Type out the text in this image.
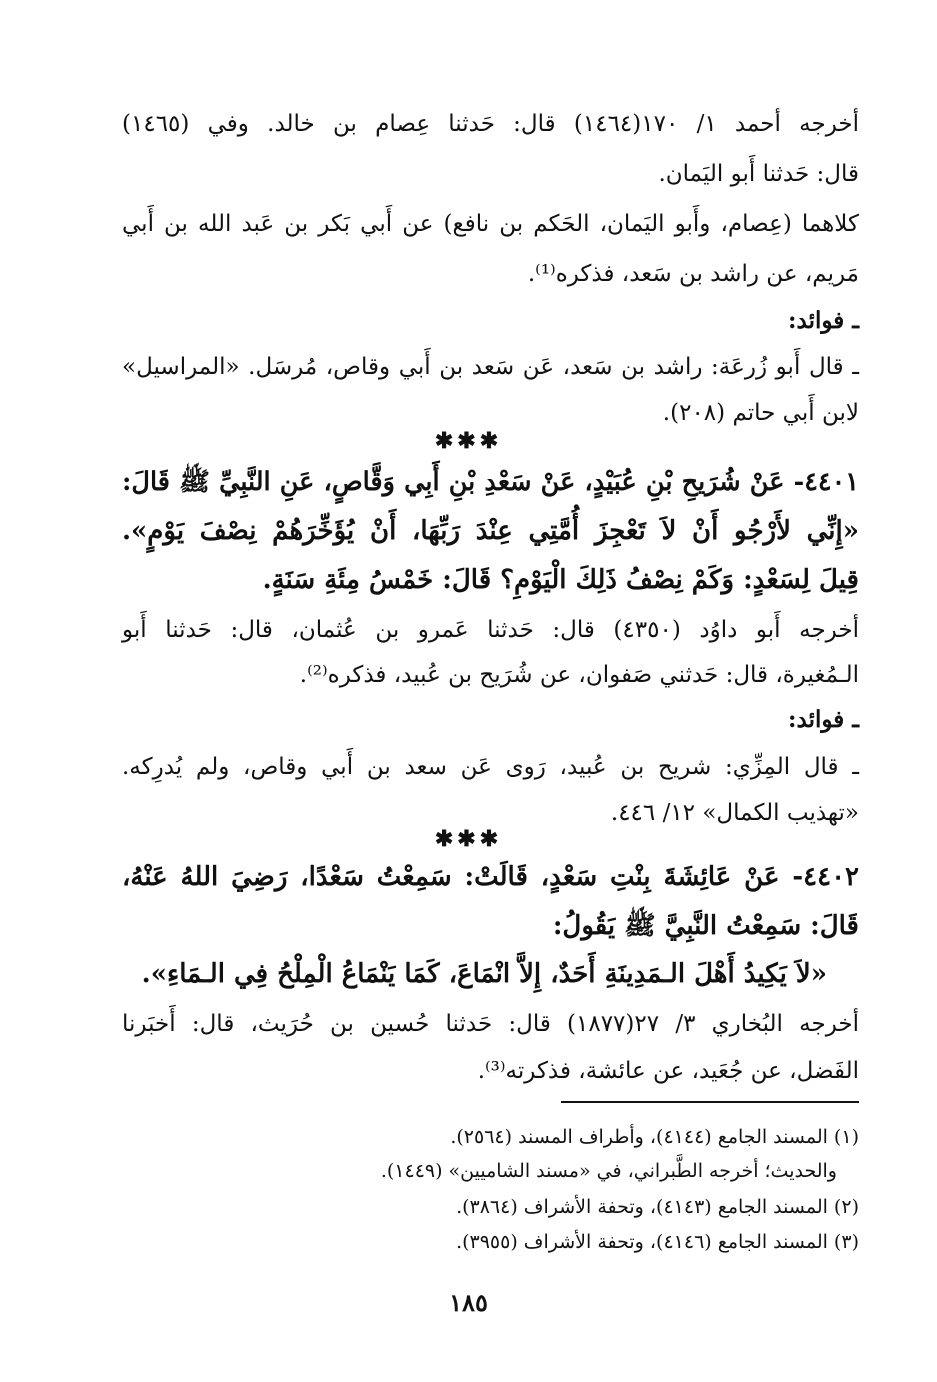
أخرجه أحمد ١/ ١٧٠(١٤٦٤) قال: حَدثنا عِصام بن خالد. وفي (١٤٦٥)
قال: حَدثنا أَبو اليَمان.
كلاهما (عِصام، وأَبو اليَمان، الحَكم بن نافع) عن أَبي بَكر بن عَبد الله بن أَبي
مَريم، عن راشد بن سَعد، فذكره⁽¹⁾.
ـ فوائد:
ـ قال أَبو زُرعَة: راشد بن سَعد، عَن سَعد بن أَبي وقاص، مُرسَل. «المراسيل»
لابن أَبي حاتم (٢٠٨).
✱✱✱
٤٤٠١- عَنْ شُرَيحِ بْنِ عُبَيْدٍ، عَنْ سَعْدِ بْنِ أَبِي وَقَّاصٍ، عَنِ النَّبِيِّ ﷺ قَالَ:
«إِنِّي لأَرْجُو أَنْ لاَ تَعْجِزَ أُمَّتِي عِنْدَ رَبِّهَا، أَنْ يُؤَخِّرَهُمْ نِصْفَ يَوْمٍ».
قِيلَ لِسَعْدٍ: وَكَمْ نِصْفُ ذَلِكَ الْيَوْمِ؟ قَالَ: خَمْسُ مِئَةِ سَنَةٍ.
أخرجه أَبو داوُد (٤٣٥٠) قال: حَدثنا عَمرو بن عُثمان، قال: حَدثنا أَبو
الـمُغيرة، قال: حَدثني صَفوان، عن شُرَيح بن عُبيد، فذكره⁽²⁾.
ـ فوائد:
ـ قال المِزِّي: شريح بن عُبيد، رَوى عَن سعد بن أَبي وقاص، ولم يُدرِكه.
«تهذيب الكمال» ١٢/ ٤٤٦.
✱✱✱
٤٤٠٢- عَنْ عَائِشَةَ بِنْتِ سَعْدٍ، قَالَتْ: سَمِعْتُ سَعْدًا، رَضِيَ اللهُ عَنْهُ،
قَالَ: سَمِعْتُ النَّبِيَّ ﷺ يَقُولُ:
«لاَ يَكِيدُ أَهْلَ الـمَدِينَةِ أَحَدٌ، إِلاَّ انْمَاعَ، كَمَا يَنْمَاعُ الْمِلْحُ فِي الـمَاءِ».
أخرجه البُخاري ٣/ ٢٧(١٨٧٧) قال: حَدثنا حُسين بن حُرَيث، قال: أَخبَرنا
الفَضل، عن جُعَيد، عن عائشة، فذكرته⁽³⁾.
(١) المسند الجامع (٤١٤٤)، وأطراف المسند (٢٥٦٤).
والحديث؛ أخرجه الطَّبراني، في «مسند الشاميين» (١٤٤٩).
(٢) المسند الجامع (٤١٤٣)، وتحفة الأشراف (٣٨٦٤).
(٣) المسند الجامع (٤١٤٦)، وتحفة الأشراف (٣٩٥٥).
١٨٥
